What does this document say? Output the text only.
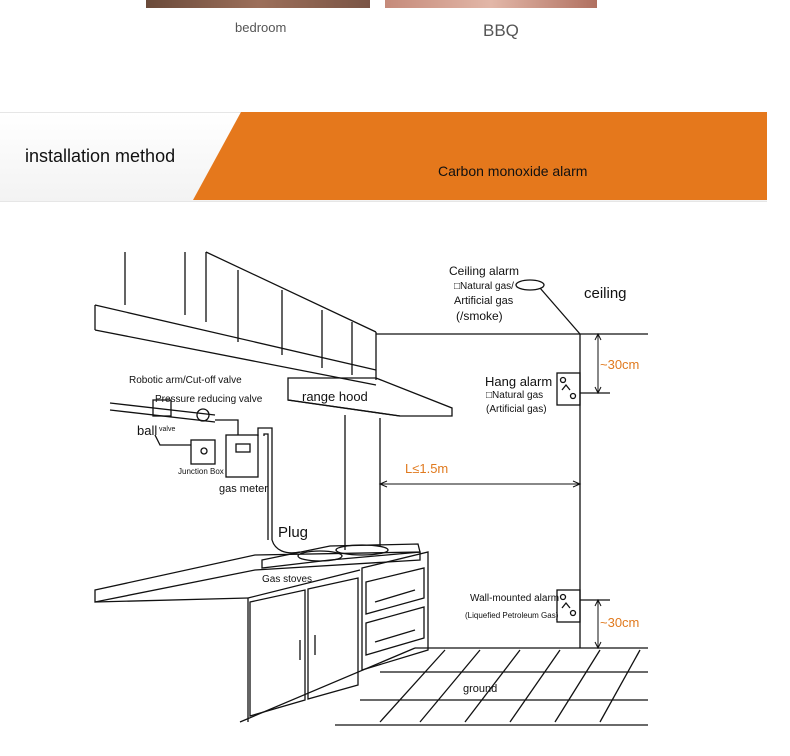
bedroom	BBQ
installation method
Carbon monoxide alarm
Ceiling alarm
□Natural gas/
Artificial gas
(/smoke)
ceiling
Robotic arm/Cut-off valve
Pressure reducing valve
ball valve
Junction Box
gas meter
range hood
Hang alarm
□Natural gas
(Artificial gas)
L≤1.5m
~30cm
~30cm
Plug
Gas stoves
Wall-mounted alarm
(Liquefied Petroleum Gas)
ground
